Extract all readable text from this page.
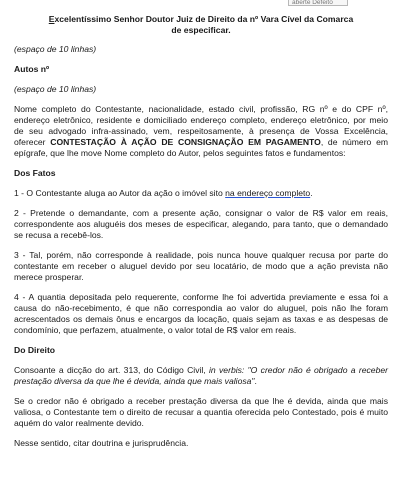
aberte Defeito
Excelentíssimo Senhor Doutor Juiz de Direito da nº Vara Cível da Comarca
de especificar.

(espaço de 10 linhas)

Autos nº

(espaço de 10 linhas)

Nome completo do Contestante, nacionalidade, estado civil, profissão, RG nº e do CPF nº, endereço eletrônico, residente e domiciliado endereço completo, endereço eletrônico, por meio de seu advogado infra-assinado, vem, respeitosamente, à presença de Vossa Excelência, oferecer CONTESTAÇÃO À AÇÃO DE CONSIGNAÇÃO EM PAGAMENTO, de número em epígrafe, que lhe move Nome completo do Autor, pelos seguintes fatos e fundamentos:

Dos Fatos

1 - O Contestante aluga ao Autor da ação o imóvel sito na endereço completo.

2 - Pretende o demandante, com a presente ação, consignar o valor de R$ valor em reais, correspondente aos aluguéis dos meses de especificar, alegando, para tanto, que o demandado se recusa a recebê-los.

3 - Tal, porém, não corresponde à realidade, pois nunca houve qualquer recusa por parte do contestante em receber o aluguel devido por seu locatário, de modo que a ação prevista não merece prosperar.

4 - A quantia depositada pelo requerente, conforme lhe foi advertida previamente e essa foi a causa do não-recebimento, é que não correspondia ao valor do aluguel, pois não lhe foram acrescentados os demais ônus e encargos da locação, quais sejam as taxas e as despesas de condomínio, que perfazem, atualmente, o valor total de R$ valor em reais.

Do Direito

Consoante a dicção do art. 313, do Código Civil, in verbis: "O credor não é obrigado a receber prestação diversa da que lhe é devida, ainda que mais valiosa".

Se o credor não é obrigado a receber prestação diversa da que lhe é devida, ainda que mais valiosa, o Contestante tem o direito de recusar a quantia oferecida pelo Contestado, pois é muito aquém do valor realmente devido.

Nesse sentido, citar doutrina e jurisprudência.
